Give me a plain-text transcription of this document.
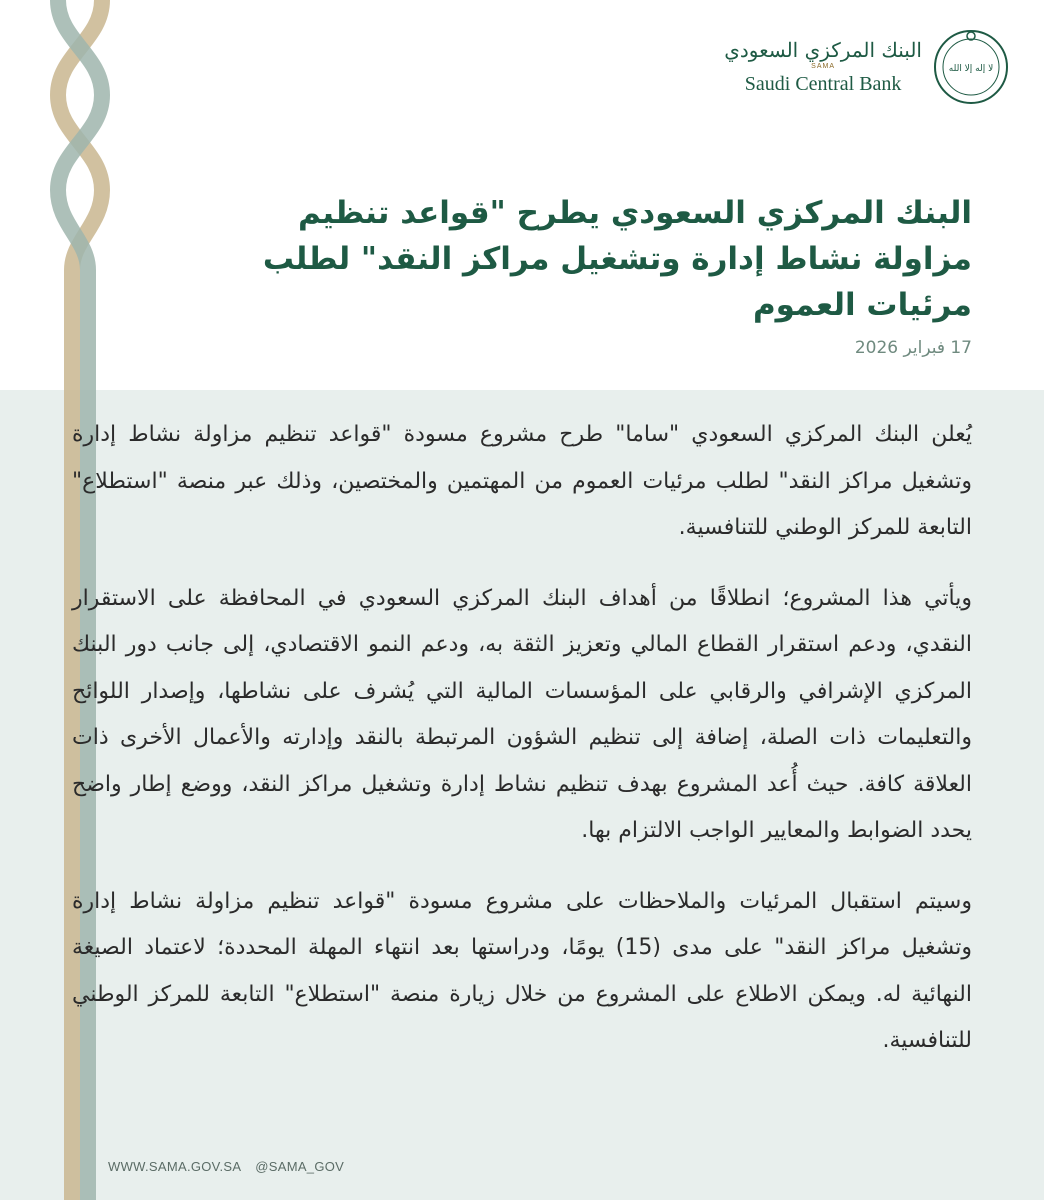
البنك المركزي السعودي
SAMA
Saudi Central Bank
لا إله إلا الله
البنك المركزي السعودي يطرح "قواعد تنظيم مزاولة نشاط إدارة وتشغيل مراكز النقد" لطلب مرئيات العموم
17 فبراير 2026

يُعلن البنك المركزي السعودي "ساما" طرح مشروع مسودة "قواعد تنظيم مزاولة نشاط إدارة وتشغيل مراكز النقد" لطلب مرئيات العموم من المهتمين والمختصين، وذلك عبر منصة "استطلاع" التابعة للمركز الوطني للتنافسية.

ويأتي هذا المشروع؛ انطلاقًا من أهداف البنك المركزي السعودي في المحافظة على الاستقرار النقدي، ودعم استقرار القطاع المالي وتعزيز الثقة به، ودعم النمو الاقتصادي، إلى جانب دور البنك المركزي الإشرافي والرقابي على المؤسسات المالية التي يُشرف على نشاطها، وإصدار اللوائح والتعليمات ذات الصلة، إضافة إلى تنظيم الشؤون المرتبطة بالنقد وإدارته والأعمال الأخرى ذات العلاقة كافة. حيث أُعد المشروع بهدف تنظيم نشاط إدارة وتشغيل مراكز النقد، ووضع إطار واضح يحدد الضوابط والمعايير الواجب الالتزام بها.

وسيتم استقبال المرئيات والملاحظات على مشروع مسودة "قواعد تنظيم مزاولة نشاط إدارة وتشغيل مراكز النقد" على مدى (15) يومًا، ودراستها بعد انتهاء المهلة المحددة؛ لاعتماد الصيغة النهائية له. ويمكن الاطلاع على المشروع من خلال زيارة منصة "استطلاع" التابعة للمركز الوطني للتنافسية.

WWW.SAMA.GOV.SA @SAMA_GOV
